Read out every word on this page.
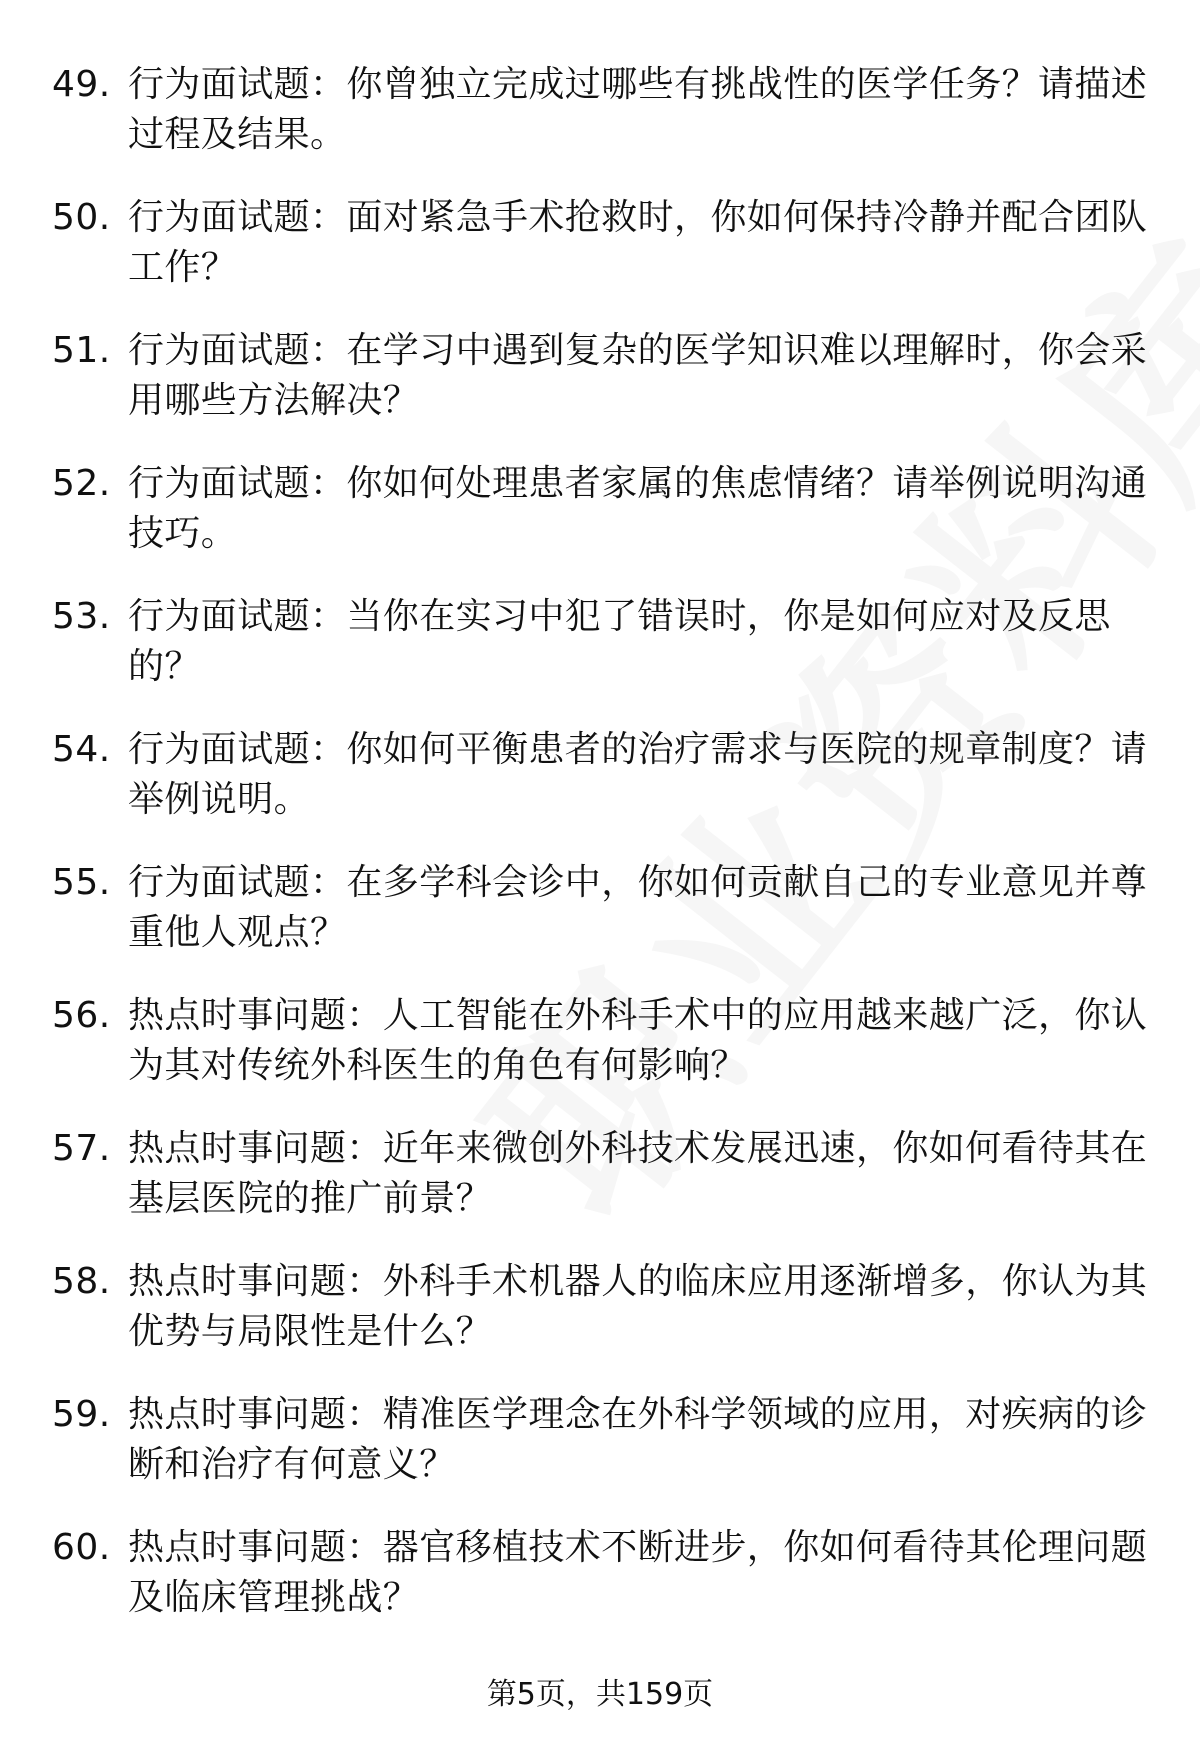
49. 行为面试题：你曾独立完成过哪些有挑战性的医学任务？请描述过程及结果。
50. 行为面试题：面对紧急手术抢救时，你如何保持冷静并配合团队工作？
51. 行为面试题：在学习中遇到复杂的医学知识难以理解时，你会采用哪些方法解决？
52. 行为面试题：你如何处理患者家属的焦虑情绪？请举例说明沟通技巧。
53. 行为面试题：当你在实习中犯了错误时，你是如何应对及反思的？
54. 行为面试题：你如何平衡患者的治疗需求与医院的规章制度？请举例说明。
55. 行为面试题：在多学科会诊中，你如何贡献自己的专业意见并尊重他人观点？
56. 热点时事问题：人工智能在外科手术中的应用越来越广泛，你认为其对传统外科医生的角色有何影响？
57. 热点时事问题：近年来微创外科技术发展迅速，你如何看待其在基层医院的推广前景？
58. 热点时事问题：外科手术机器人的临床应用逐渐增多，你认为其优势与局限性是什么？
59. 热点时事问题：精准医学理念在外科学领域的应用，对疾病的诊断和治疗有何意义？
60. 热点时事问题：器官移植技术不断进步，你如何看待其伦理问题及临床管理挑战？
第5页，共159页
